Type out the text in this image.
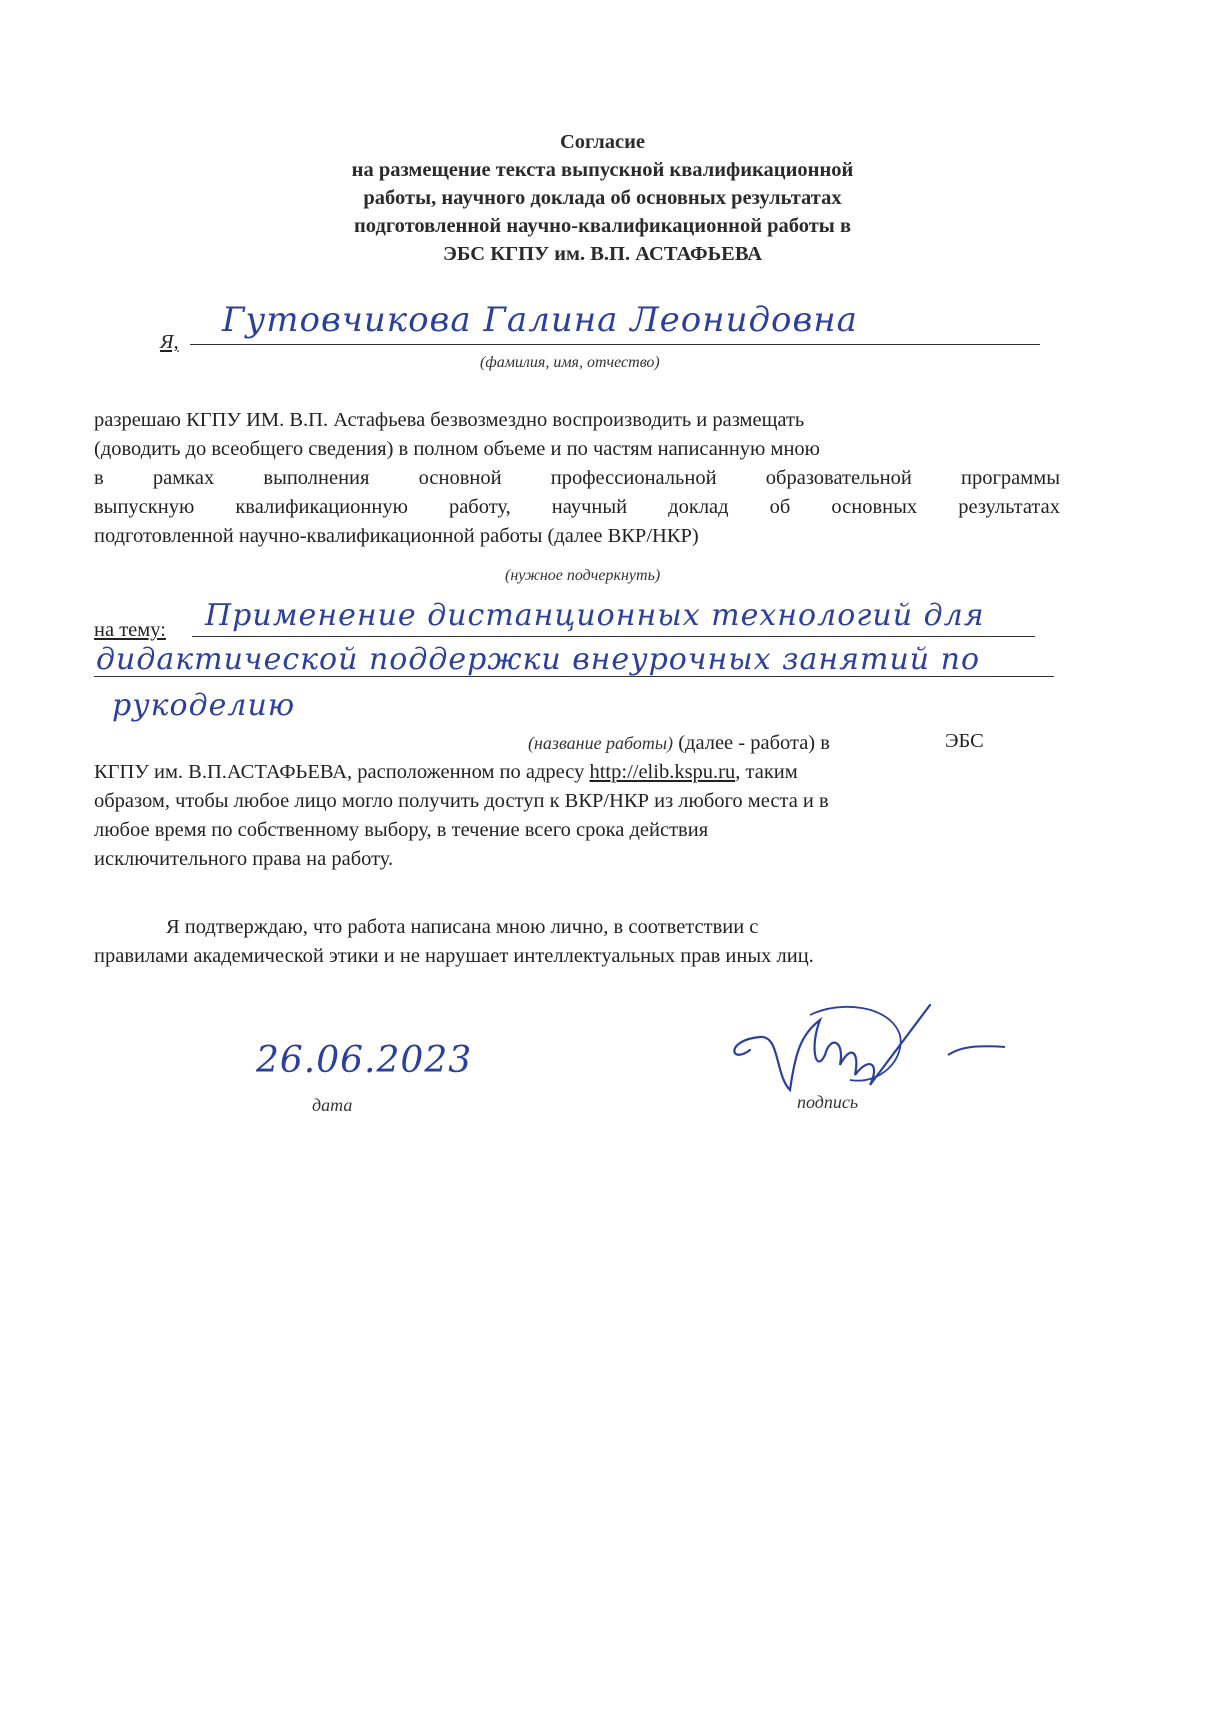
Согласие
на размещение текста выпускной квалификационной
работы, научного доклада об основных результатах
подготовленной научно-квалификационной работы в
ЭБС КГПУ им. В.П. АСТАФЬЕВА
Я,
Гутовчикова Галина Леонидовна
(фамилия, имя, отчество)
разрешаю КГПУ ИМ. В.П. Астафьева безвозмездно воспроизводить и размещать
(доводить до всеобщего сведения) в полном объеме и по частям написанную мною
в рамках выполнения основной профессиональной образовательной программы
выпускную квалификационную работу, научный доклад об основных результатах
подготовленной научно-квалификационной работы (далее ВКР/НКР)
(нужное подчеркнуть)
на тему: Применение дистанционных технологий для
дидактической поддержки внеурочных занятий по
рукоделию
(название работы) (далее - работа) в	ЭБС
КГПУ им. В.П.АСТАФЬЕВА, расположенном по адресу http://elib.kspu.ru, таким
образом, чтобы любое лицо могло получить доступ к ВКР/НКР из любого места и в
любое время по собственному выбору, в течение всего срока действия
исключительного права на работу.
Я подтверждаю, что работа написана мною лично, в соответствии с
правилами академической этики и не нарушает интеллектуальных прав иных лиц.
26.06.2023
дата	подпись
